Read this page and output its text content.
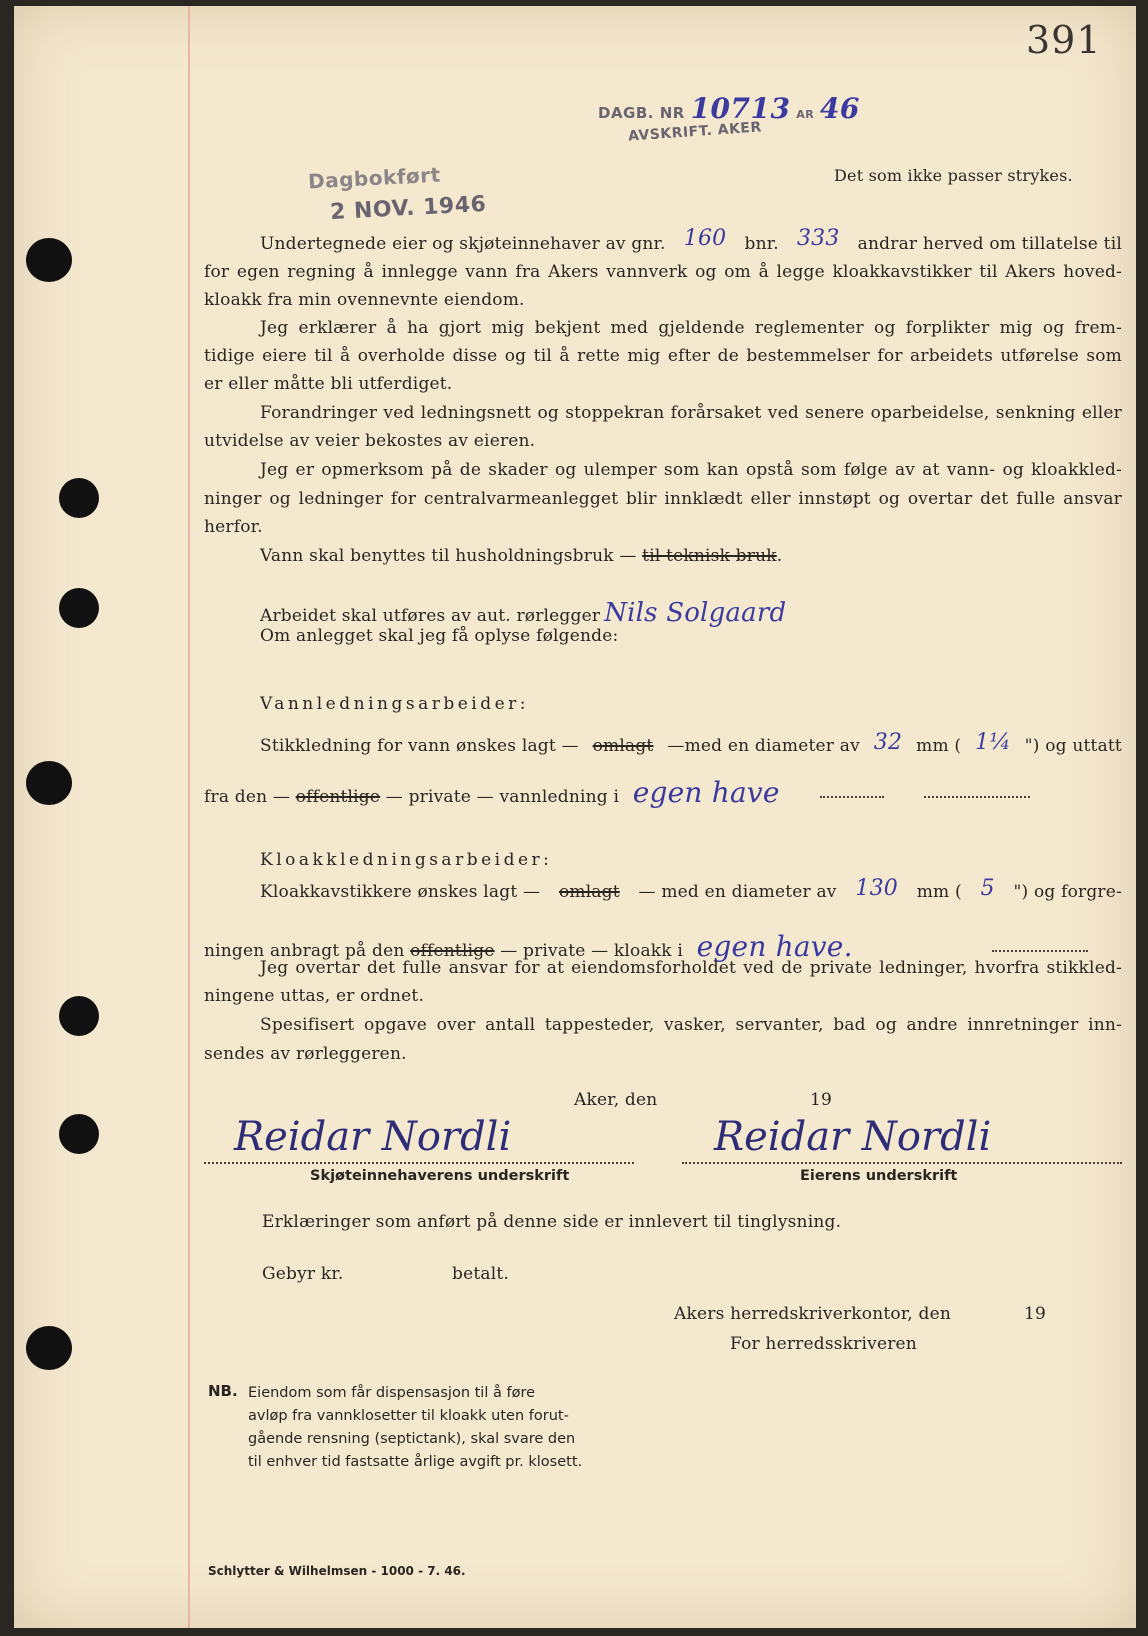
391
DAGB. NR 10713 AR 46
AVSKRIFT. AKER
Dagbokført
2 NOV. 1946
Det som ikke passer strykes.
Undertegnede eier og skjøteinnehaver av gnr. 160 bnr. 333 andrar herved om tillatelse til
for egen regning å innlegge vann fra Akers vannverk og om å legge kloakkavstikker til Akers hoved-
kloakk fra min ovennevnte eiendom.
Jeg erklærer å ha gjort mig bekjent med gjeldende reglementer og forplikter mig og frem-
tidige eiere til å overholde disse og til å rette mig efter de bestemmelser for arbeidets utførelse som
er eller måtte bli utferdiget.
Forandringer ved ledningsnett og stoppekran forårsaket ved senere oparbeidelse, senkning eller
utvidelse av veier bekostes av eieren.
Jeg er opmerksom på de skader og ulemper som kan opstå som følge av at vann- og kloakkled-
ninger og ledninger for centralvarmeanlegget blir innklædt eller innstøpt og overtar det fulle ansvar
herfor.
Vann skal benyttes til husholdningsbruk — til teknisk bruk.
Arbeidet skal utføres av aut. rørlegger Nils Solgaard
Om anlegget skal jeg få oplyse følgende:
Vannledningsarbeider:
Stikkledning for vann ønskes lagt — omlagt —med en diameter av 32 mm ( 1¼ ") og uttatt
fra den — offentlige — private — vannledning i egen have
Kloakkledningsarbeider:
Kloakkavstikkere ønskes lagt — omlagt — med en diameter av 130 mm ( 5 ") og forgre-
ningen anbragt på den offentlige — private — kloakk i egen have.
Jeg overtar det fulle ansvar for at eiendomsforholdet ved de private ledninger, hvorfra stikkled-
ningene uttas, er ordnet.
Spesifisert opgave over antall tappesteder, vasker, servanter, bad og andre innretninger inn-
sendes av rørleggeren.
Aker, den	19
Reidar Nordli
Skjøteinnehaverens underskrift
Reidar Nordli
Eierens underskrift
Erklæringer som anført på denne side er innlevert til tinglysning.
Gebyr kr.	betalt.
Akers herredskriverkontor, den	19
For herredsskriveren
NB. Eiendom som får dispensasjon til å føre
avløp fra vannklosetter til kloakk uten forut-
gående rensning (septictank), skal svare den
til enhver tid fastsatte årlige avgift pr. klosett.
Schlytter & Wilhelmsen - 1000 - 7. 46.
